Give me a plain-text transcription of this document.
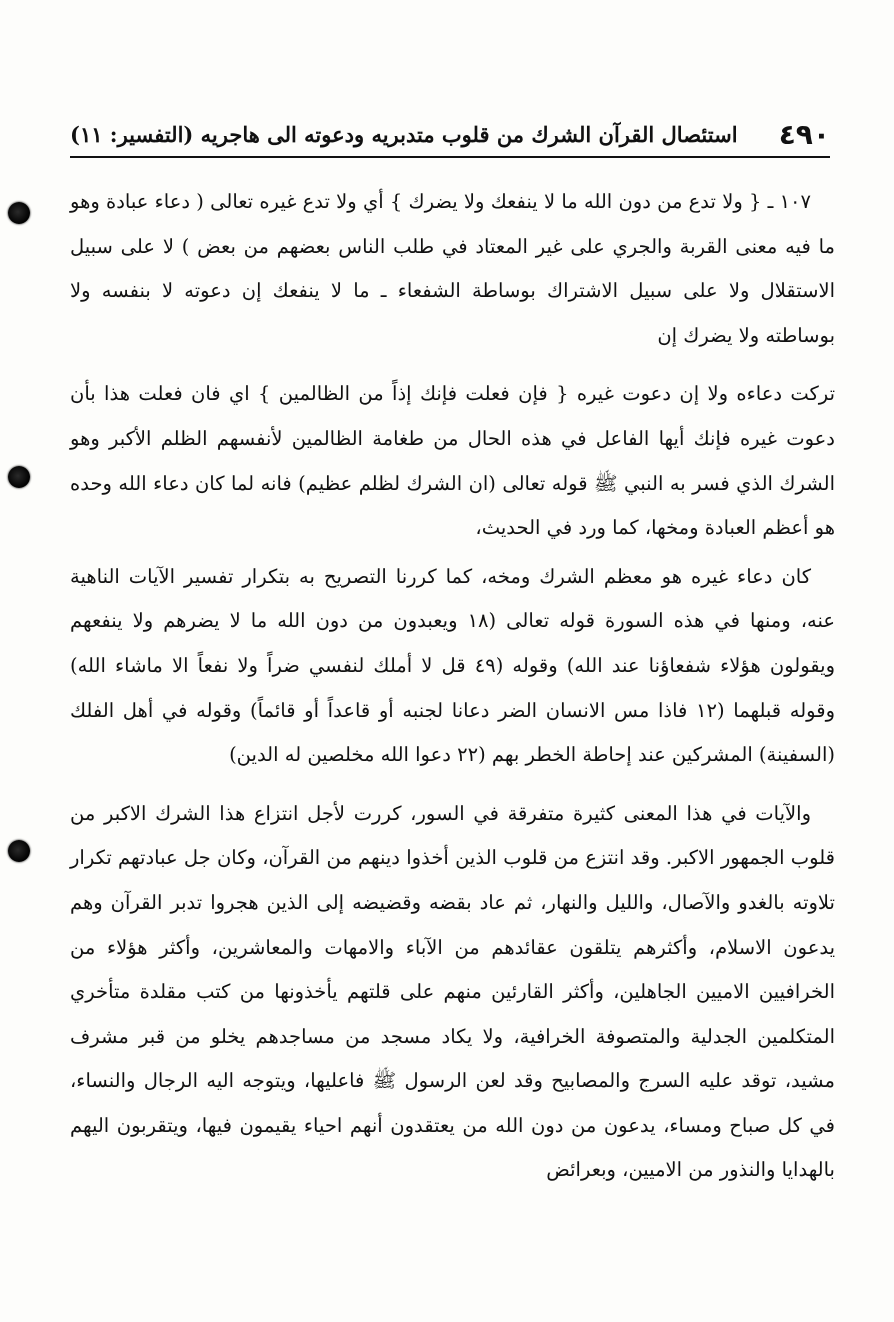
٤٩٠
استئصال القرآن الشرك من قلوب متدبريه ودعوته الى هاجريه (التفسير: ١١)

١٠٧ ـ { ولا تدع من دون الله ما لا ينفعك ولا يضرك } أي ولا تدع غيره تعالى ( دعاء عبادة وهو ما فيه معنى القربة والجري على غير المعتاد في طلب الناس بعضهم من بعض ) لا على سبيل الاستقلال ولا على سبيل الاشتراك بوساطة الشفعاء ـ ما لا ينفعك إن دعوته لا بنفسه ولا بوساطته ولا يضرك إن

تركت دعاءه ولا إن دعوت غيره { فإن فعلت فإنك إذاً من الظالمين } اي فان فعلت هذا بأن دعوت غيره فإنك أيها الفاعل في هذه الحال من طغامة الظالمين لأنفسهم الظلم الأكبر وهو الشرك الذي فسر به النبي ﷺ قوله تعالى (ان الشرك لظلم عظيم) فانه لما كان دعاء الله وحده هو أعظم العبادة ومخها، كما ورد في الحديث،

كان دعاء غيره هو معظم الشرك ومخه، كما كررنا التصريح به بتكرار تفسير الآيات الناهية عنه، ومنها في هذه السورة قوله تعالى (١٨ ويعبدون من دون الله ما لا يضرهم ولا ينفعهم ويقولون هؤلاء شفعاؤنا عند الله) وقوله (٤٩ قل لا أملك لنفسي ضراً ولا نفعاً الا ماشاء الله) وقوله قبلهما (١٢ فاذا مس الانسان الضر دعانا لجنبه أو قاعداً أو قائماً) وقوله في أهل الفلك (السفينة) المشركين عند إحاطة الخطر بهم (٢٢ دعوا الله مخلصين له الدين)

والآيات في هذا المعنى كثيرة متفرقة في السور، كررت لأجل انتزاع هذا الشرك الاكبر من قلوب الجمهور الاكبر. وقد انتزع من قلوب الذين أخذوا دينهم من القرآن، وكان جل عبادتهم تكرار تلاوته بالغدو والآصال، والليل والنهار، ثم عاد بقضه وقضيضه إلى الذين هجروا تدبر القرآن وهم يدعون الاسلام، وأكثرهم يتلقون عقائدهم من الآباء والامهات والمعاشرين، وأكثر هؤلاء من الخرافيين الاميين الجاهلين، وأكثر القارئين منهم على قلتهم يأخذونها من كتب مقلدة متأخري المتكلمين الجدلية والمتصوفة الخرافية، ولا يكاد مسجد من مساجدهم يخلو من قبر مشرف مشيد، توقد عليه السرج والمصابيح وقد لعن الرسول ﷺ فاعليها، ويتوجه اليه الرجال والنساء، في كل صباح ومساء، يدعون من دون الله من يعتقدون أنهم احياء يقيمون فيها، ويتقربون اليهم بالهدايا والنذور من الاميين، وبعرائض
